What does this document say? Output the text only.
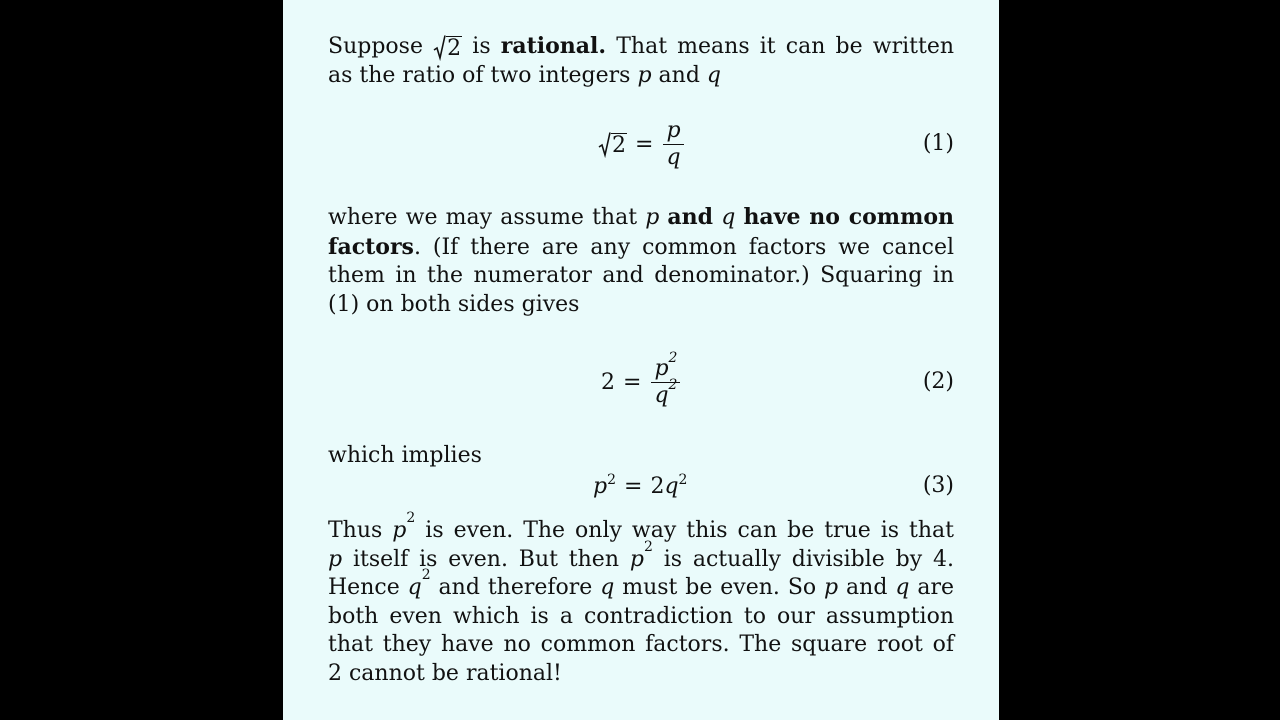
Suppose 2 is rational. That means it can be written
as the ratio of two integers p and q
$2 = \frac{p}{q}$	(1)
where we may assume that p and q have no common
factors. (If there are any common factors we cancel
them in the numerator and denominator.) Squaring in
(1) on both sides gives
$2 = \frac{p^2}{q^2}$	(2)
which implies
$p^2 = 2$ $q^2$	(3)
Thus $p^2$ is even. The only way this can be true is that
p itself is even. But then $p^2$ is actually divisible by 4.
Hence $q^2$ and therefore q must be even. So p and q are
both even which is a contradiction to our assumption
that they have no common factors. The square root of
2 cannot be rational!
